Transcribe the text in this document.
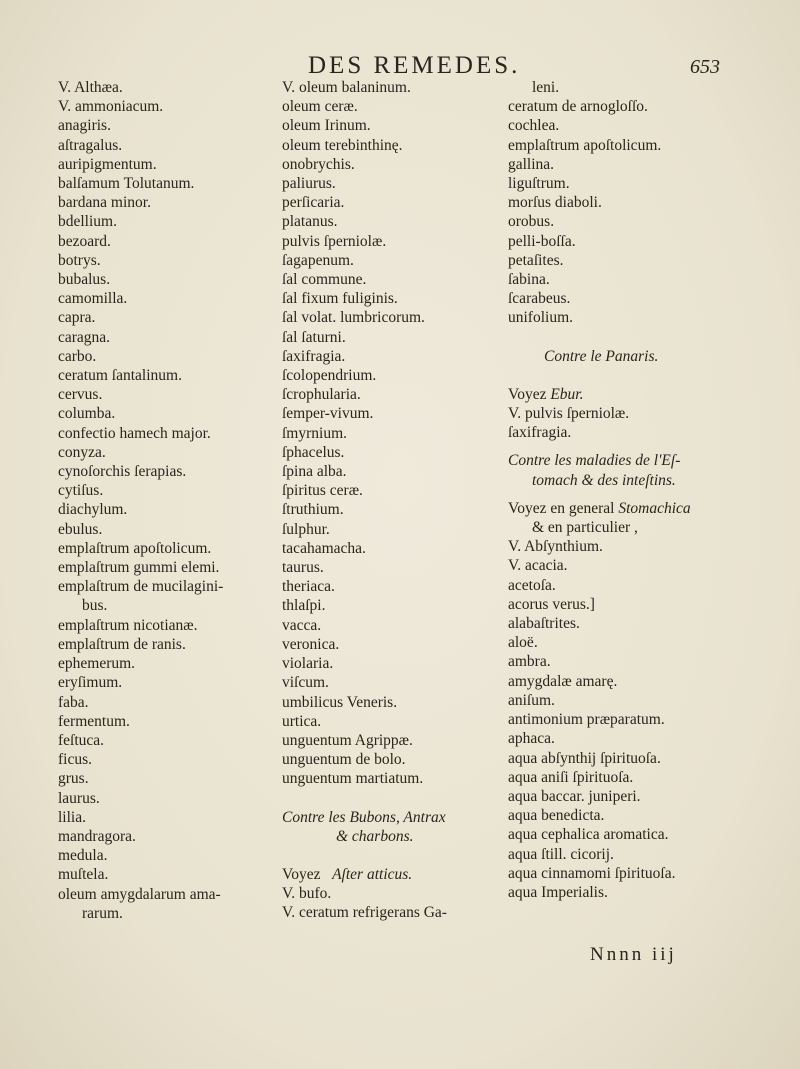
DES REMEDES.	653
V. Althæa.
V. ammoniacum.
anagiris.
aſtragalus.
auripigmentum.
balſamum Tolutanum.
bardana minor.
bdellium.
bezoard.
botrys.
bubalus.
camomilla.
capra.
caragna.
carbo.
ceratum ſantalinum.
cervus.
columba.
confectio hamech major.
conyza.
cynoſorchis ſerapias.
cytiſus.
diachylum.
ebulus.
emplaſtrum apoſtolicum.
emplaſtrum gummi elemi.
emplaſtrum de mucilagini-
bus.
emplaſtrum nicotianæ.
emplaſtrum de ranis.
ephemerum.
eryſimum.
faba.
fermentum.
feſtuca.
ficus.
grus.
laurus.
lilia.
mandragora.
medula.
muſtela.
oleum amygdalarum ama-
rarum.
V. oleum balaninum.
oleum ceræ.
oleum Irinum.
oleum terebinthinę.
onobrychis.
paliurus.
perſicaria.
platanus.
pulvis ſperniolæ.
ſagapenum.
ſal commune.
ſal fixum fuliginis.
ſal volat. lumbricorum.
ſal ſaturni.
ſaxifragia.
ſcolopendrium.
ſcrophularia.
ſemper-vivum.
ſmyrnium.
ſphacelus.
ſpina alba.
ſpiritus ceræ.
ſtruthium.
ſulphur.
tacahamacha.
taurus.
theriaca.
thlaſpi.
vacca.
veronica.
violaria.
viſcum.
umbilicus Veneris.
urtica.
unguentum Agrippæ.
unguentum de bolo.
unguentum martiatum.
Contre les Bubons, Antrax
& charbons.
Voyez Aſter atticus.
V. bufo.
V. ceratum refrigerans Ga-
leni.
ceratum de arnogloſſo.
cochlea.
emplaſtrum apoſtolicum.
gallina.
liguſtrum.
morſus diaboli.
orobus.
pelli-boſſa.
petaſites.
ſabina.
ſcarabeus.
unifolium.
Contre le Panaris.
Voyez Ebur.
V. pulvis ſperniolæ.
ſaxifragia.
Contre les maladies de l'Eſ-
tomach & des inteſtins.
Voyez en general Stomachica
& en particulier ,
V. Abſynthium.
V. acacia.
acetoſa.
acorus verus.]
alabaſtrites.
aloë.
ambra.
amygdalæ amarę.
aniſum.
antimonium præparatum.
aphaca.
aqua abſynthij ſpirituoſa.
aqua aniſi ſpirituoſa.
aqua baccar. juniperi.
aqua benedicta.
aqua cephalica aromatica.
aqua ſtill. cicorij.
aqua cinnamomi ſpirituoſa.
aqua Imperialis.
Nnnn iij
